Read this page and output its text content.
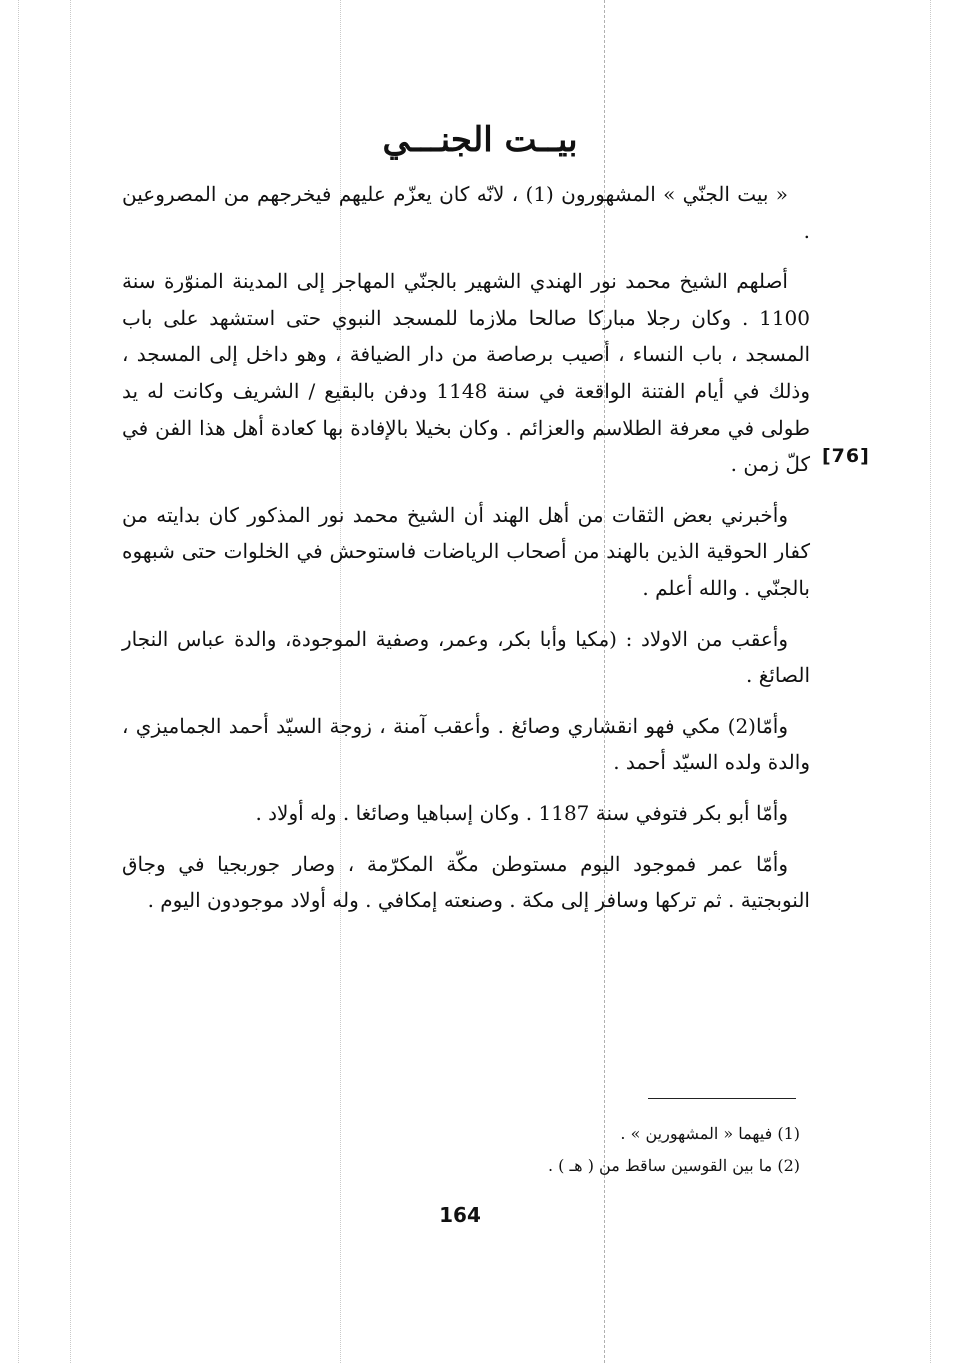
بيــت الجنـــي
[76]

« بيت الجنّي » المشهورون (1) ، لانّه كان يعزّم عليهم فيخرجهم من المصروعين .

أصلهم الشيخ محمد نور الهندي الشهير بالجنّي المهاجر إلى المدينة المنوّرة سنة 1100 . وكان رجلا مباركا صالحا ملازما للمسجد النبوي حتى استشهد على باب المسجد ، باب النساء ، أصيب برصاصة من دار الضيافة ، وهو داخل إلى المسجد ، وذلك في أيام الفتنة الواقعة في سنة 1148 ودفن بالبقيع / الشريف وكانت له يد طولى في معرفة الطلاسم والعزائم . وكان بخيلا بالإفادة بها كعادة أهل هذا الفن في كلّ زمن .

وأخبرني بعض الثقات من أهل الهند أن الشيخ محمد نور المذكور كان بدايته من كفار الحوقية الذين بالهند من أصحاب الرياضات فاستوحش في الخلوات حتى شبهوه بالجنّي . والله أعلم .

وأعقب من الاولاد : (مكيا وأبا بكر، وعمر، وصفية الموجودة، والدة عباس النجار الصائغ .

وأمّا(2) مكي فهو انقشاري وصائغ . وأعقب آمنة ، زوجة السيّد أحمد الجماميزي ، والدة ولده السيّد أحمد .

وأمّا أبو بكر فتوفي سنة 1187 . وكان إسباهيا وصائغا . وله أولاد .

وأمّا عمر فموجود اليوم مستوطن مكّة المكرّمة ، وصار جوربجيا في وجاق النوبجتية . ثم تركها وسافر إلى مكة . وصنعته إمكافي . وله أولاد موجودون اليوم .

(1) فيهما « المشهورين » .

(2) ما بين القوسين ساقط من ( هـ ) .

164
